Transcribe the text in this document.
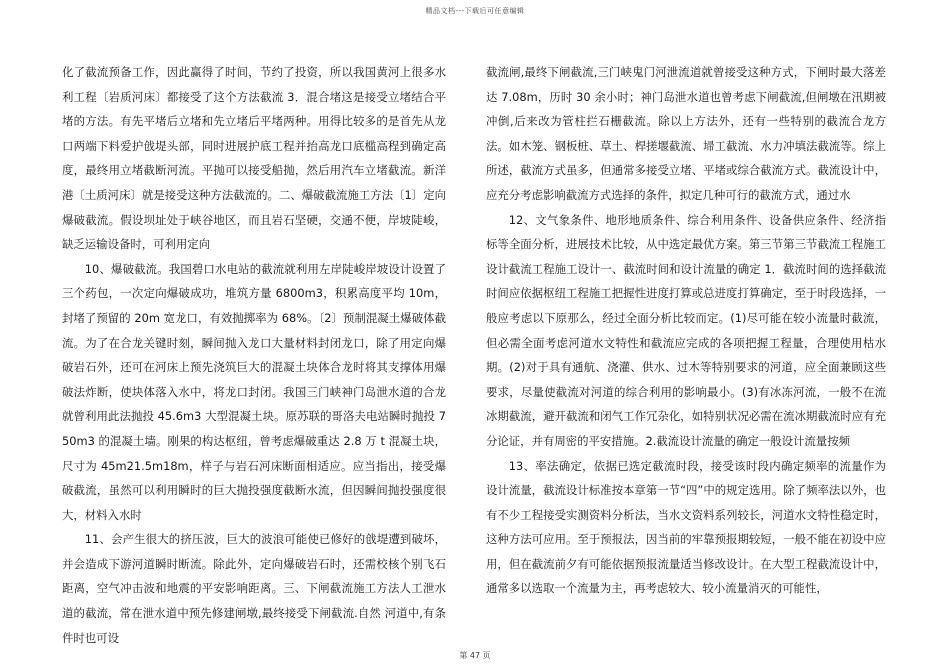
精品文档---下载后可任意编辑

化了截流预备工作，因此赢得了时间，节约了投资，所以我国黄河上很多水利工程〔岩质河床〕都接受了这个方法截流 3．混合堵这是接受立堵结合平堵的方法。有先平堵后立堵和先立堵后平堵两种。用得比较多的是首先从龙口两端下料爱护戗堤头部，同时进展护底工程并抬高龙口底槛高程到确定高度，最终用立堵截断河流。平抛可以接受船抛，然后用汽车立堵截流。新洋港〔土质河床〕就是接受这种方法截流的。二、爆破截流施工方法〔1〕定向爆破截流。假设坝址处于峡谷地区，而且岩石坚硬，交通不便，岸坡陡峻，缺乏运输设备时，可利用定向

10、爆破截流。我国碧口水电站的截流就利用左岸陡峻岸坡设计设置了三个药包，一次定向爆破成功，堆筑方量 6800m3，积累高度平均 10m，封堵了预留的 20m 宽龙口，有效抛掷率为 68%。〔2〕预制混凝土爆破体截流。为了在合龙关键时刻，瞬间抛入龙口大量材料封闭龙口，除了用定向爆破岩石外，还可在河床上预先浇筑巨大的混凝土块体合龙时将其支撑体用爆破法炸断，使块体落入水中，将龙口封闭。我国三门峡神门岛泄水道的合龙就曾利用此法抛投 45.6m3 大型混凝土块。原苏联的哥洛夫电站瞬时抛投 750m3 的混凝土墙。刚果的构达枢纽，曾考虑爆破重达 2.8 万 t 混凝土块，尺寸为 45m21.5m18m，样子与岩石河床断面相适应。应当指出，接受爆破截流，虽然可以利用瞬时的巨大抛投强度截断水流，但因瞬间抛投强度很大，材料入水时

11、会产生很大的挤压波，巨大的波浪可能使已修好的戗堤遭到破坏，并会造成下游河道瞬时断流。除此外，定向爆破岩石时，还需校核个别飞石距离，空气冲击波和地震的平安影响距离。三、下闸截流施工方法人工泄水道的截流，常在泄水道中预先修建闸墩,最终接受下闸截流.自然 河道中,有条件时也可设

截流闸,最终下闸截流,三门峡鬼门河泄流道就曾接受这种方式，下闸时最大落差达 7.08m，历时 30 余小时；神门岛泄水道也曾考虑下闸截流,但闸墩在汛期被冲倒,后来改为管柱拦石栅截流。除以上方法外，还有一些特别的截流合龙方法。如木笼、钢板桩、草土、桿搓堰截流、埽工截流、水力冲填法截流等。综上所述，截流方式虽多，但通常多接受立堵、平堵或综合截流方式。截流设计中，应充分考虑影响截流方式选择的条件，拟定几种可行的截流方式，通过水

12、文气象条件、地形地质条件、综合利用条件、设备供应条件、经济指标等全面分析，进展技术比较，从中选定最优方案。第三节第三节截流工程施工设计截流工程施工设计一、截流时间和设计流量的确定 1．截流时间的选择截流时间应依据枢纽工程施工把握性进度打算或总进度打算确定，至于时段选择，一般应考虑以下原那么，经过全面分析比较而定。(1)尽可能在较小流量时截流，但必需全面考虑河道水文特性和截流应完成的各项把握工程量，合理使用枯水期。(2)对于具有通航、浇灌、供水、过木等特别要求的河道，应全面兼顾这些要求，尽量使截流对河道的综合利用的影响最小。(3)有冰冻河流，一般不在流冰期截流，避开截流和闭气工作冗杂化，如特别状况必需在流冰期截流时应有充分论证，并有周密的平安措施。2.截流设计流量的确定一般设计流量按频

13、率法确定，依据已选定截流时段，接受该时段内确定频率的流量作为设计流量，截流设计标准按本章第一节“四”中的规定选用。除了频率法以外，也有不少工程接受实测资料分析法，当水文资料系列较长，河道水文特性稳定时，这种方法可应用。至于预报法，因当前的牢靠预报期较短，一般不能在初设中应用，但在截流前夕有可能依据预报流量适当修改设计。在大型工程截流设计中，通常多以选取一个流量为主，再考虑较大、较小流量消灭的可能性，

第 47 页
